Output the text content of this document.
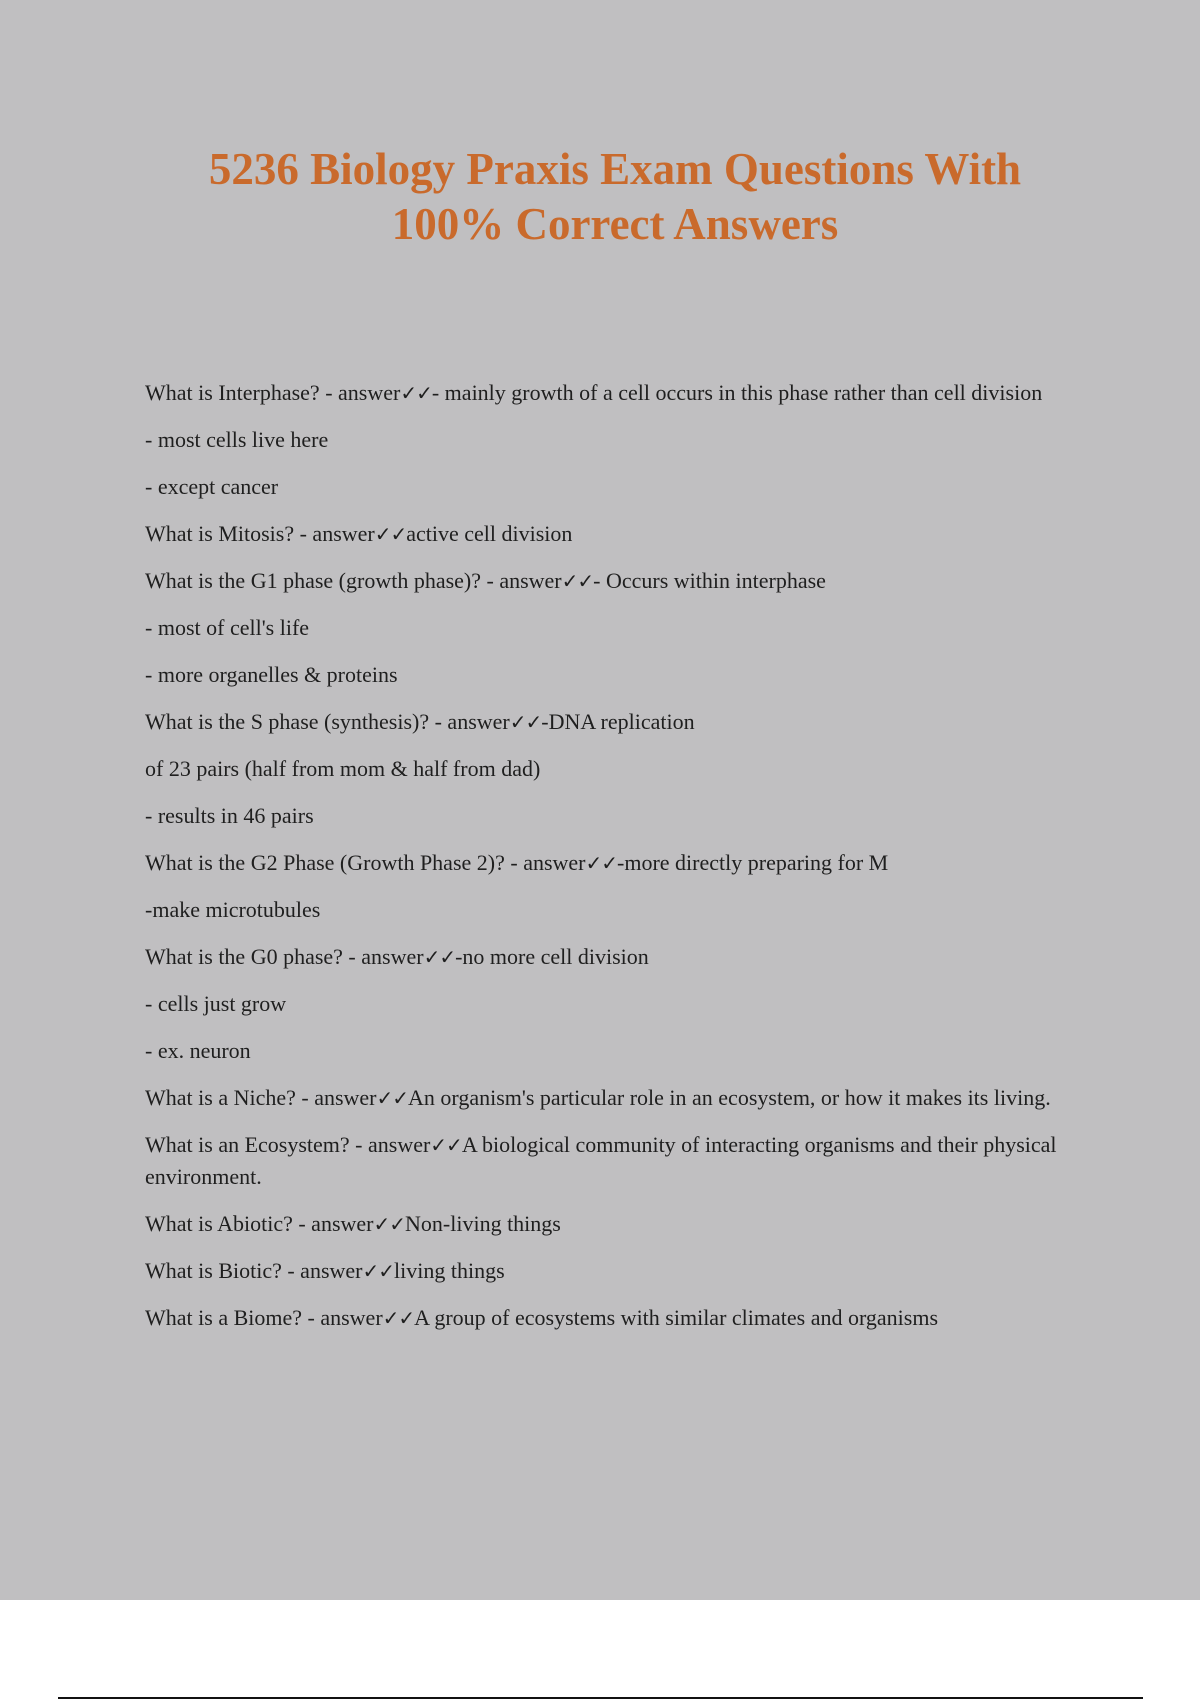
5236 Biology Praxis Exam Questions With
100% Correct Answers

What is Interphase? - answer✓✓- mainly growth of a cell occurs in this phase rather than cell division

- most cells live here

- except cancer

What is Mitosis? - answer✓✓active cell division

What is the G1 phase (growth phase)? - answer✓✓- Occurs within interphase

- most of cell's life

- more organelles & proteins

What is the S phase (synthesis)? - answer✓✓-DNA replication

of 23 pairs (half from mom & half from dad)

- results in 46 pairs

What is the G2 Phase (Growth Phase 2)? - answer✓✓-more directly preparing for M

-make microtubules

What is the G0 phase? - answer✓✓-no more cell division

- cells just grow

- ex. neuron

What is a Niche? - answer✓✓An organism's particular role in an ecosystem, or how it makes its living.

What is an Ecosystem? - answer✓✓A biological community of interacting organisms and their physical environment.

What is Abiotic? - answer✓✓Non-living things

What is Biotic? - answer✓✓living things

What is a Biome? - answer✓✓A group of ecosystems with similar climates and organisms
